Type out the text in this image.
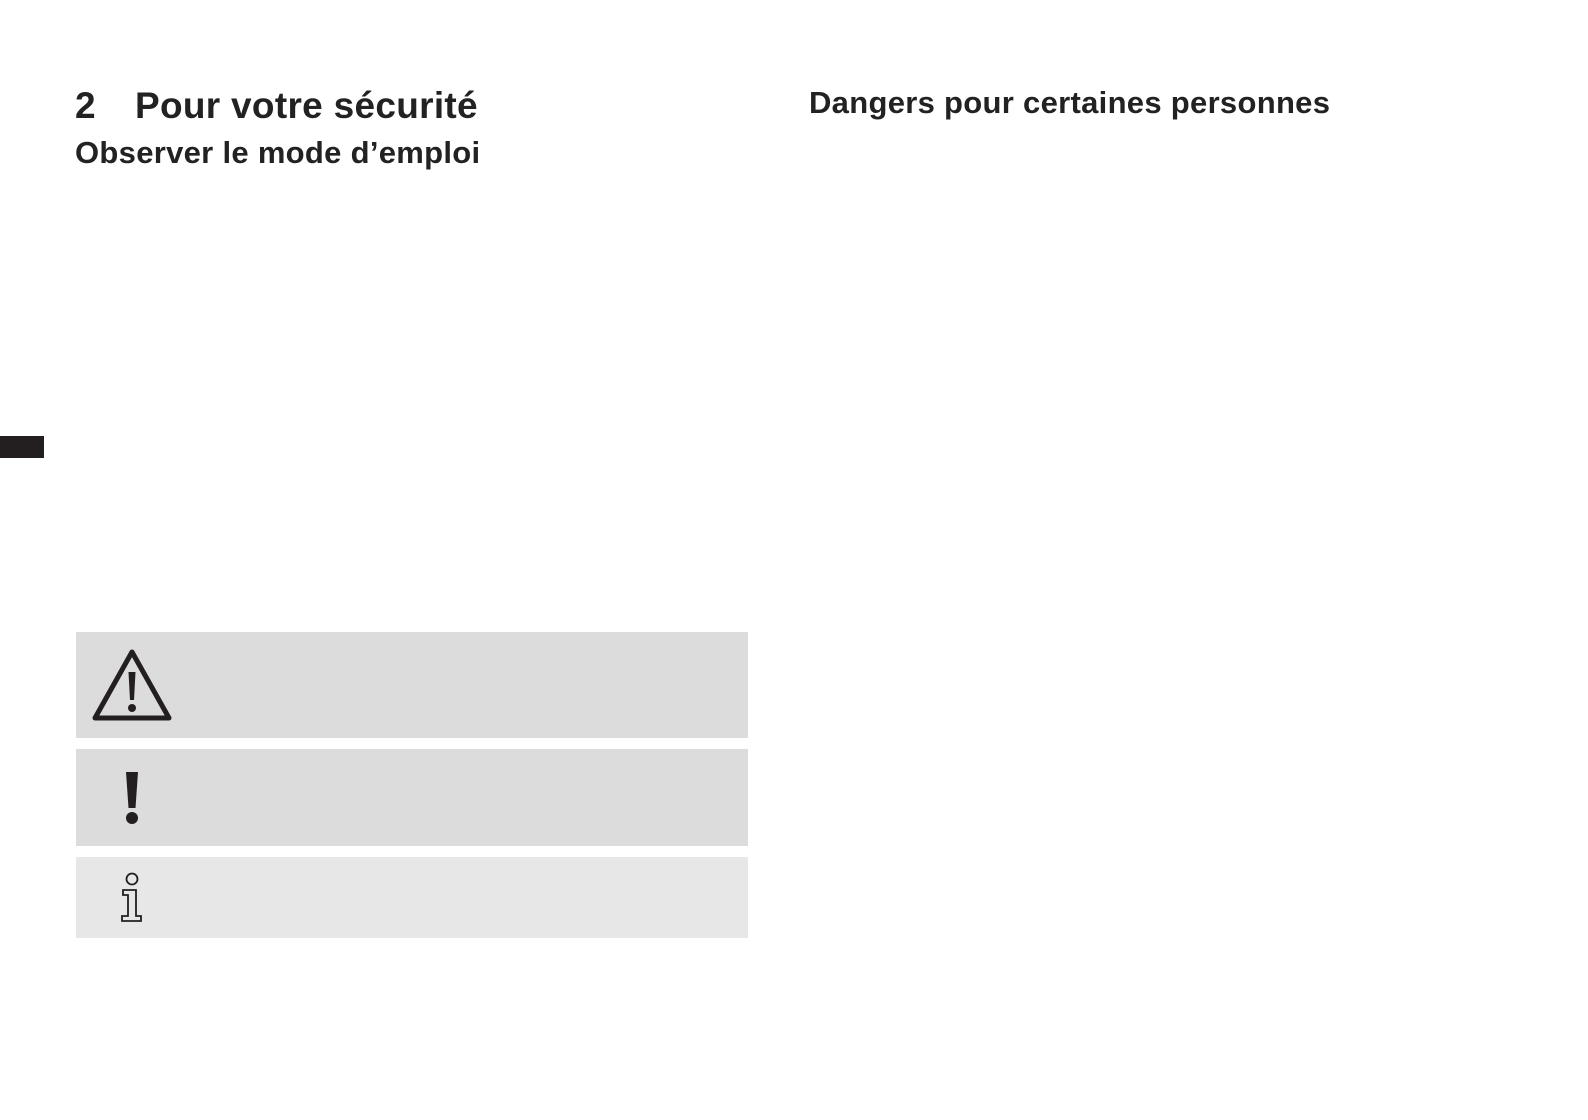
2 Pour votre sécurité
Observer le mode d’emploi
Dangers pour certaines personnes
